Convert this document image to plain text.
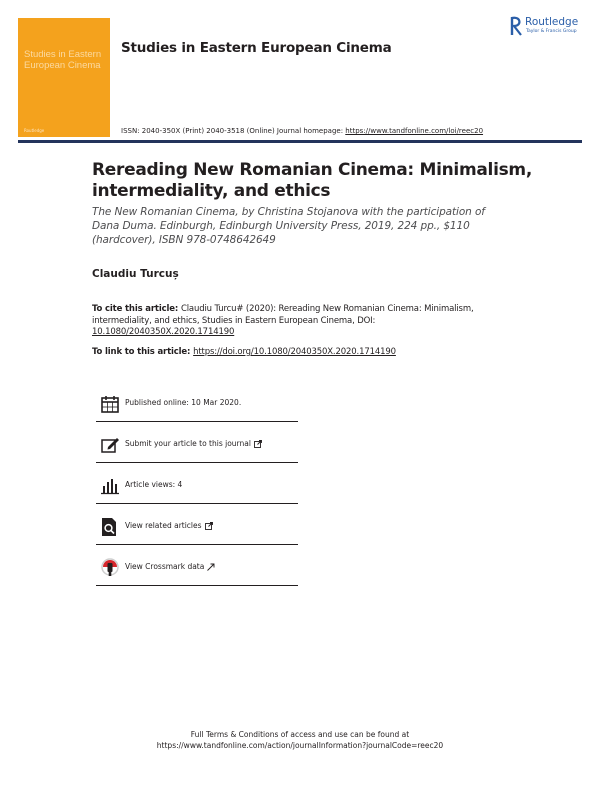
Studies in Eastern European Cinema
Routledge
Studies in Eastern European Cinema
Routledge
Taylor & Francis Group
ISSN: 2040-350X (Print) 2040-3518 (Online) Journal homepage: https://www.tandfonline.com/loi/reec20
Rereading New Romanian Cinema: Minimalism, intermediality, and ethics
The New Romanian Cinema, by Christina Stojanova with the participation of Dana Duma. Edinburgh, Edinburgh University Press, 2019, 224 pp., $110 (hardcover), ISBN 978-0748642649
Claudiu Turcuș
To cite this article: Claudiu Turcu# (2020): Rereading New Romanian Cinema: Minimalism, intermediality, and ethics, Studies in Eastern European Cinema, DOI: 10.1080/2040350X.2020.1714190
To link to this article: https://doi.org/10.1080/2040350X.2020.1714190
Published online: 10 Mar 2020.
Submit your article to this journal
Article views: 4
View related articles
View Crossmark data
Full Terms & Conditions of access and use can be found at
https://www.tandfonline.com/action/journalInformation?journalCode=reec20
